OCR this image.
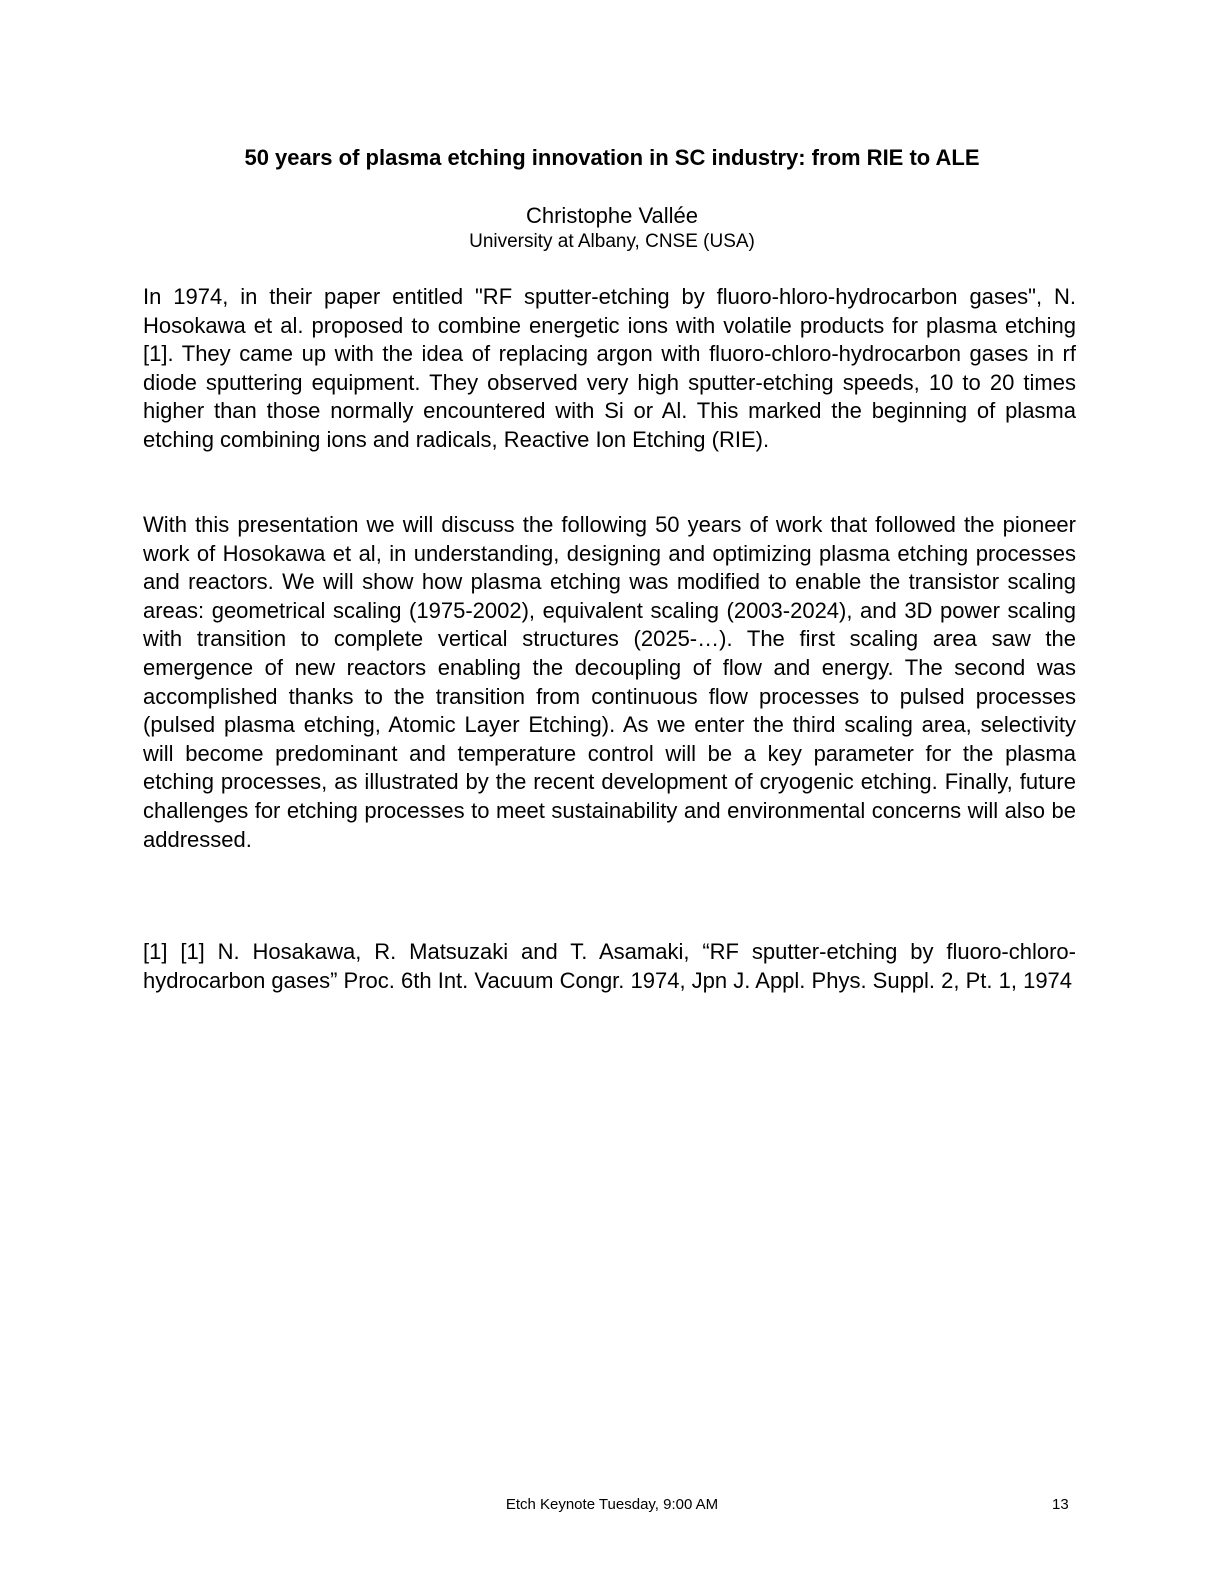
50 years of plasma etching innovation in SC industry: from RIE to ALE
Christophe Vallée
University at Albany, CNSE (USA)

In 1974, in their paper entitled "RF sputter-etching by fluoro-hloro-hydrocarbon gases", N. Hosokawa et al. proposed to combine energetic ions with volatile products for plasma etching [1]. They came up with the idea of replacing argon with fluoro-chloro-hydrocarbon gases in rf diode sputtering equipment. They observed very high sputter-etching speeds, 10 to 20 times higher than those normally encountered with Si or Al. This marked the beginning of plasma etching combining ions and radicals, Reactive Ion Etching (RIE).

With this presentation we will discuss the following 50 years of work that followed the pioneer work of Hosokawa et al, in understanding, designing and optimizing plasma etching processes and reactors. We will show how plasma etching was modified to enable the transistor scaling areas: geometrical scaling (1975-2002), equivalent scaling (2003-2024), and 3D power scaling with transition to complete vertical structures (2025-…). The first scaling area saw the emergence of new reactors enabling the decoupling of flow and energy. The second was accomplished thanks to the transition from continuous flow processes to pulsed processes (pulsed plasma etching, Atomic Layer Etching). As we enter the third scaling area, selectivity will become predominant and temperature control will be a key parameter for the plasma etching processes, as illustrated by the recent development of cryogenic etching. Finally, future challenges for etching processes to meet sustainability and environmental concerns will also be addressed.

[1] [1] N. Hosakawa, R. Matsuzaki and T. Asamaki, “RF sputter-etching by fluoro-chloro-hydrocarbon gases” Proc. 6th Int. Vacuum Congr. 1974, Jpn J. Appl. Phys. Suppl. 2, Pt. 1, 1974

Etch Keynote Tuesday, 9:00 AM	13
